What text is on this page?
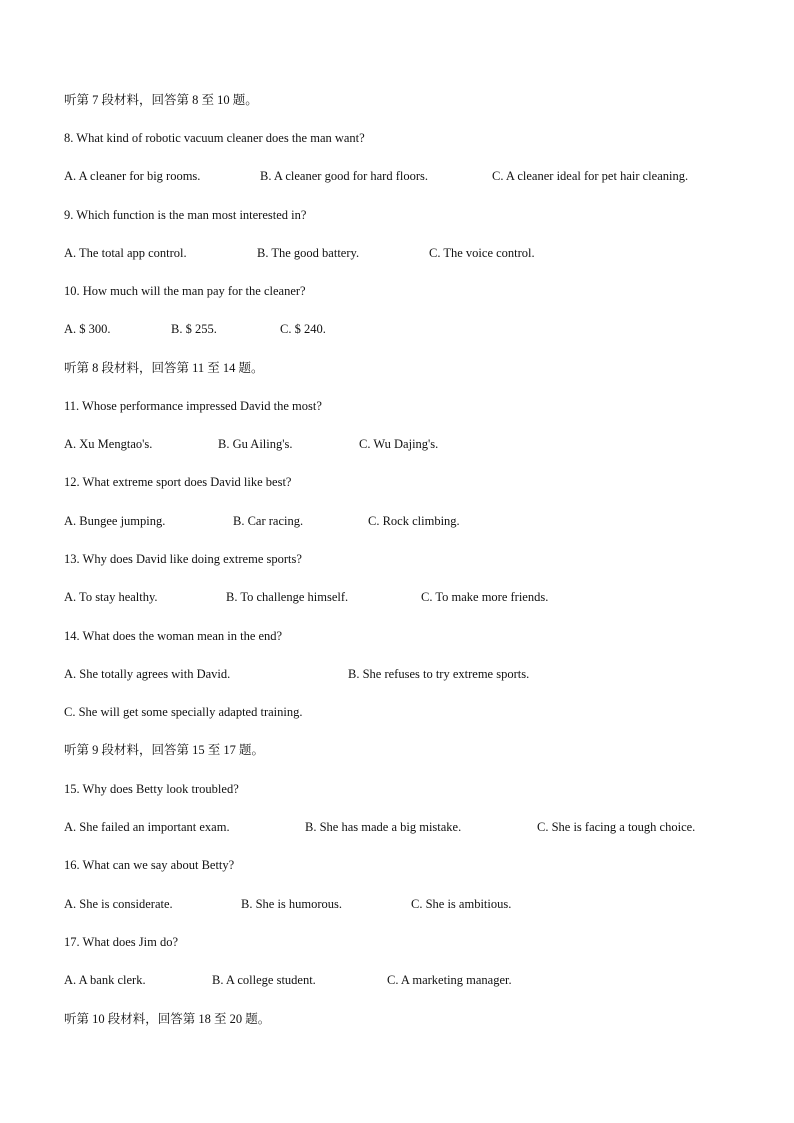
听第 7 段材料，回答第 8 至 10 题。
8. What kind of robotic vacuum cleaner does the man want?
A. A cleaner for big rooms.	B. A cleaner good for hard floors.	C. A cleaner ideal for pet hair cleaning.
9. Which function is the man most interested in?
A. The total app control.	B. The good battery.	C. The voice control.
10. How much will the man pay for the cleaner?
A. $ 300.	B. $ 255.	C. $ 240.
听第 8 段材料，回答第 11 至 14 题。
11. Whose performance impressed David the most?
A. Xu Mengtao's.	B. Gu Ailing's.	C. Wu Dajing's.
12. What extreme sport does David like best?
A. Bungee jumping.	B. Car racing.	C. Rock climbing.
13. Why does David like doing extreme sports?
A. To stay healthy.	B. To challenge himself.	C. To make more friends.
14. What does the woman mean in the end?
A. She totally agrees with David.	B. She refuses to try extreme sports.
C. She will get some specially adapted training.
听第 9 段材料，回答第 15 至 17 题。
15. Why does Betty look troubled?
A. She failed an important exam.	B. She has made a big mistake.	C. She is facing a tough choice.
16. What can we say about Betty?
A. She is considerate.	B. She is humorous.	C. She is ambitious.
17. What does Jim do?
A. A bank clerk.	B. A college student.	C. A marketing manager.
听第 10 段材料，回答第 18 至 20 题。
